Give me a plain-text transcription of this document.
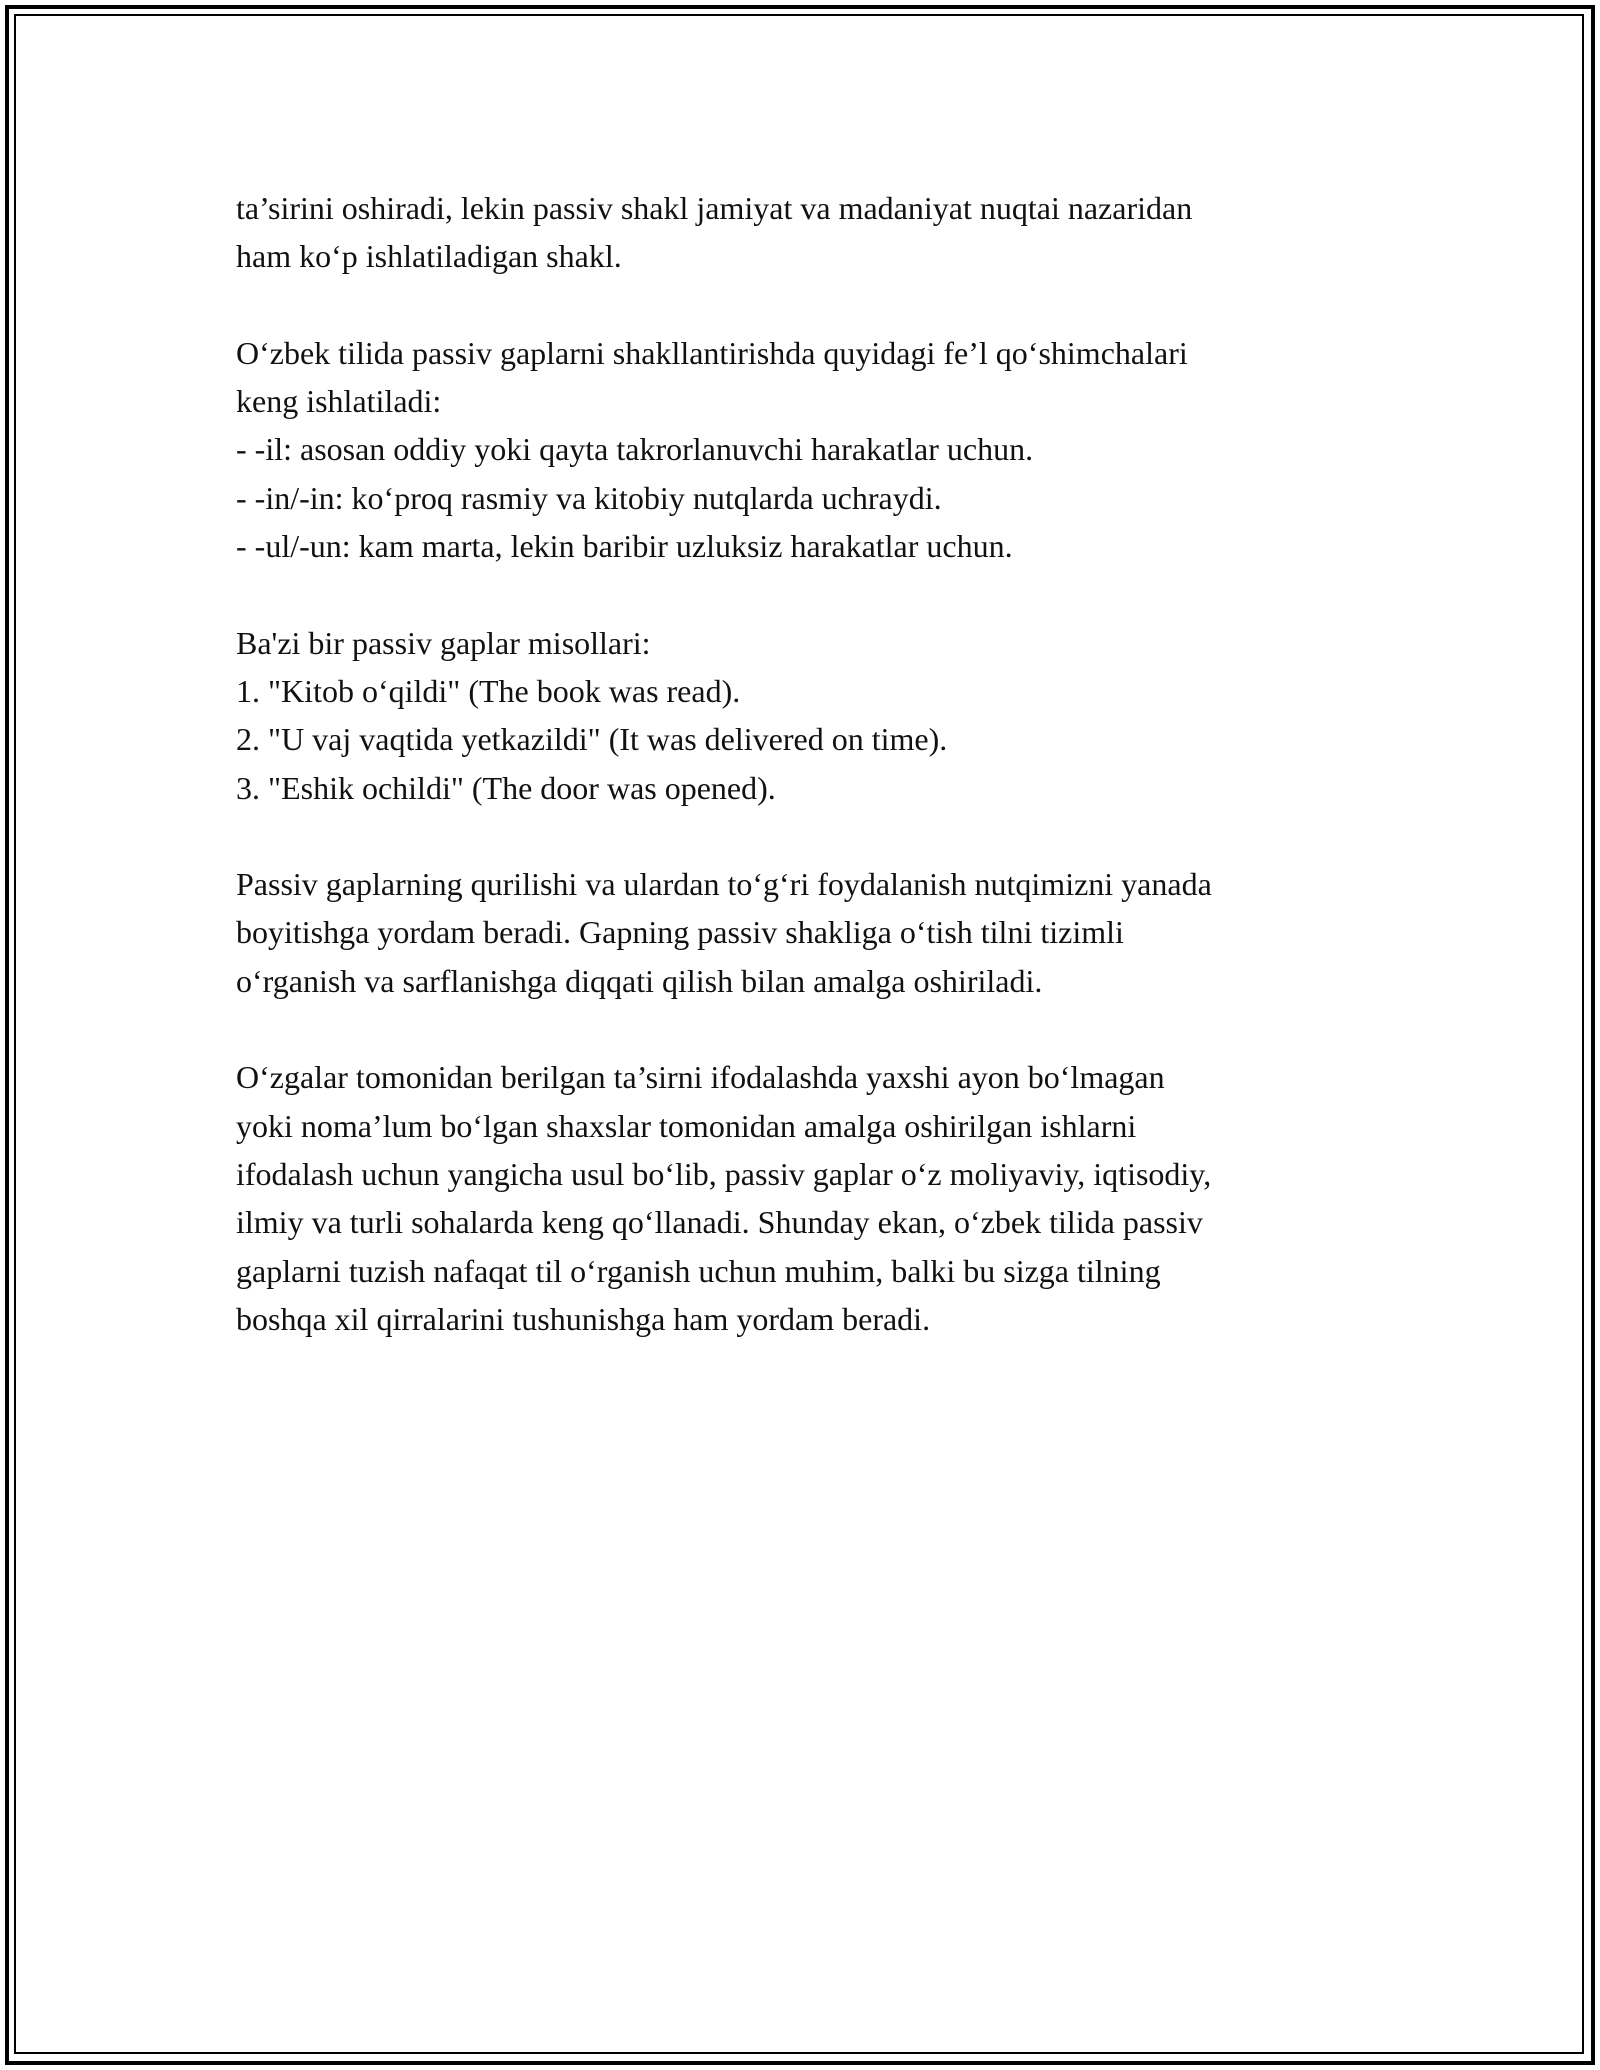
ta’sirini oshiradi, lekin passiv shakl jamiyat va madaniyat nuqtai nazaridan
ham ko‘p ishlatiladigan shakl.

O‘zbek tilida passiv gaplarni shakllantirishda quyidagi fe’l qo‘shimchalari
keng ishlatiladi:
- -il: asosan oddiy yoki qayta takrorlanuvchi harakatlar uchun.
- -in/-in: ko‘proq rasmiy va kitobiy nutqlarda uchraydi.
- -ul/-un: kam marta, lekin baribir uzluksiz harakatlar uchun.

Ba'zi bir passiv gaplar misollari:
1. "Kitob o‘qildi" (The book was read).
2. "U vaj vaqtida yetkazildi" (It was delivered on time).
3. "Eshik ochildi" (The door was opened).

Passiv gaplarning qurilishi va ulardan to‘g‘ri foydalanish nutqimizni yanada
boyitishga yordam beradi. Gapning passiv shakliga o‘tish tilni tizimli
o‘rganish va sarflanishga diqqati qilish bilan amalga oshiriladi.

O‘zgalar tomonidan berilgan ta’sirni ifodalashda yaxshi ayon bo‘lmagan
yoki noma’lum bo‘lgan shaxslar tomonidan amalga oshirilgan ishlarni
ifodalash uchun yangicha usul bo‘lib, passiv gaplar o‘z moliyaviy, iqtisodiy,
ilmiy va turli sohalarda keng qo‘llanadi. Shunday ekan, o‘zbek tilida passiv
gaplarni tuzish nafaqat til o‘rganish uchun muhim, balki bu sizga tilning
boshqa xil qirralarini tushunishga ham yordam beradi.
